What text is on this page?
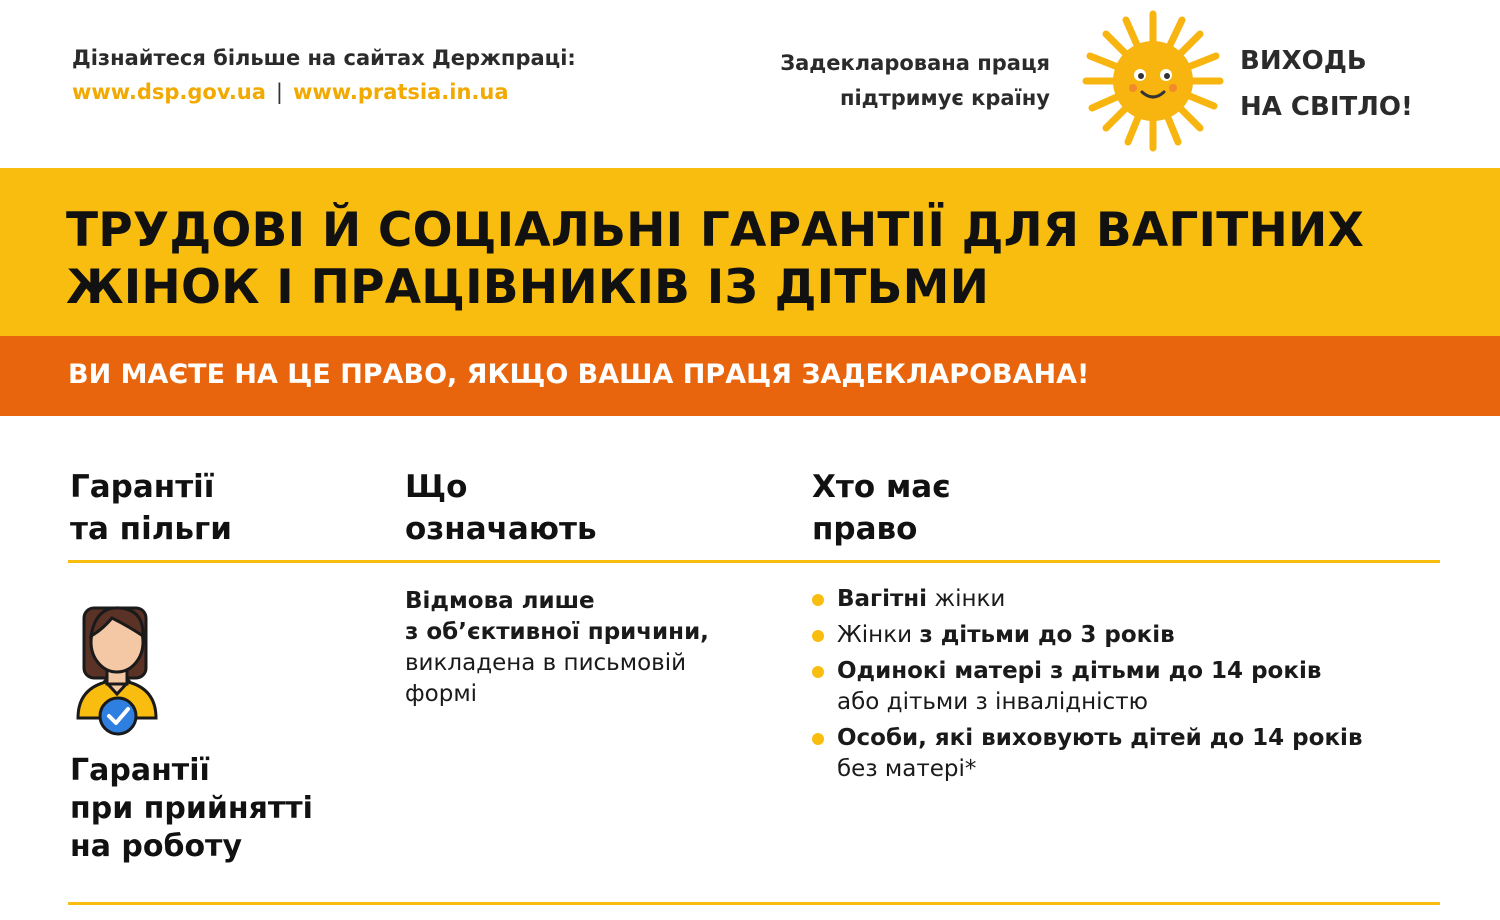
Дізнайтеся більше на сайтах Держпраці:
www.dsp.gov.ua | www.pratsia.in.ua
Задекларована праця
підтримує країну
ВИХОДЬ
НА СВІТЛО!
ТРУДОВІ Й СОЦІАЛЬНІ ГАРАНТІЇ ДЛЯ ВАГІТНИХ
ЖІНОК І ПРАЦІВНИКІВ ІЗ ДІТЬМИ
ВИ МАЄТЕ НА ЦЕ ПРАВО, ЯКЩО ВАША ПРАЦЯ ЗАДЕКЛАРОВАНА!
Гарантії
та пільги
Що
означають
Хто має
право
Гарантії
при прийнятті
на роботу
Відмова лише
з об’єктивної причини,
викладена в письмовій
формі
Вагітні жінки
Жінки з дітьми до 3 років
Одинокі матері з дітьми до 14 років
або дітьми з інвалідністю
Особи, які виховують дітей до 14 років
без матері*
